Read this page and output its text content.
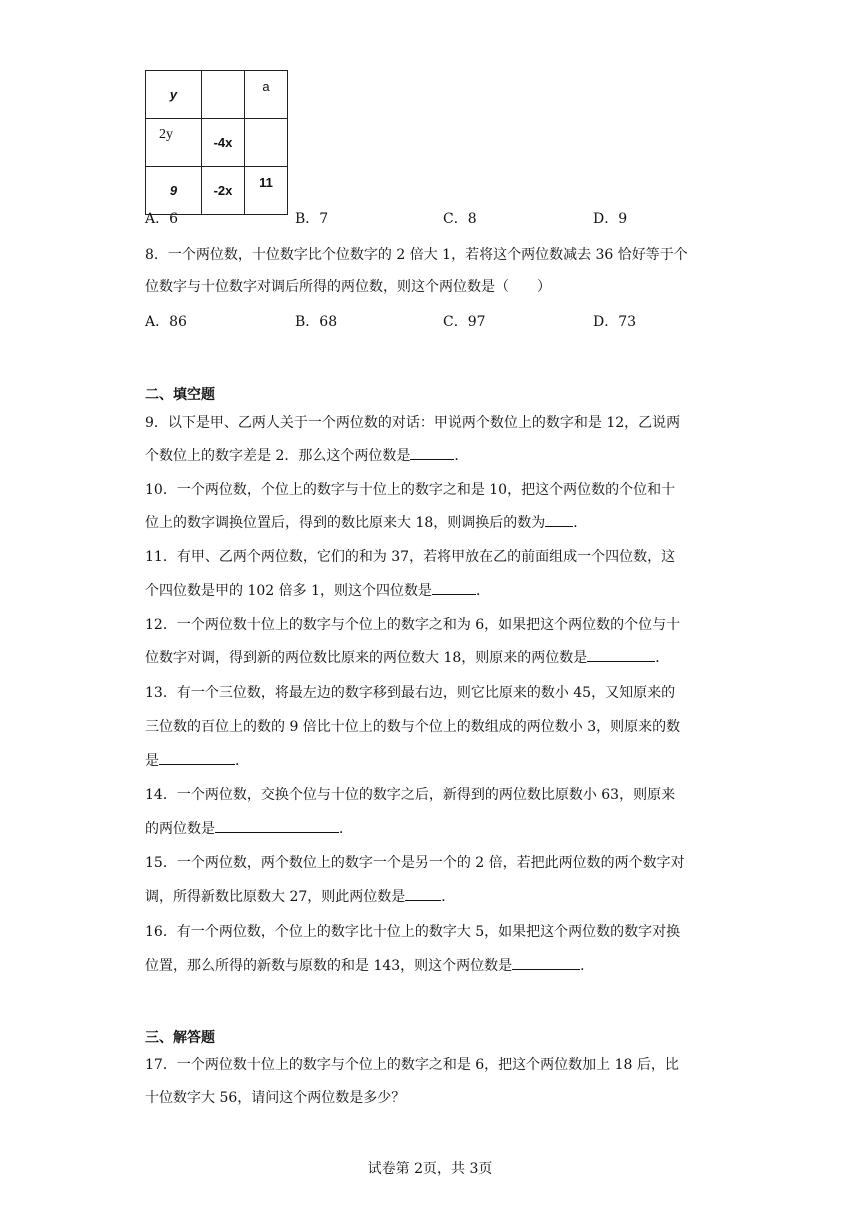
y		a
2y	-4x	
9	-2x	11
A．6	B．7	C．8	D．9
8．一个两位数，十位数字比个位数字的 2 倍大 1，若将这个两位数减去 36 恰好等于个
位数字与十位数字对调后所得的两位数，则这个两位数是（　　）
A．86	B．68	C．97	D．73
二、填空题
9．以下是甲、乙两人关于一个两位数的对话：甲说两个数位上的数字和是 12，乙说两
个数位上的数字差是 2．那么这个两位数是	．
10．一个两位数，个位上的数字与十位上的数字之和是 10，把这个两位数的个位和十
位上的数字调换位置后，得到的数比原来大 18，则调换后的数为 ．
11．有甲、乙两个两位数，它们的和为 37，若将甲放在乙的前面组成一个四位数，这
个四位数是甲的 102 倍多 1，则这个四位数是	．
12．一个两位数十位上的数字与个位上的数字之和为 6，如果把这个两位数的个位与十
位数字对调，得到新的两位数比原来的两位数大 18，则原来的两位数是	．
13．有一个三位数，将最左边的数字移到最右边，则它比原来的数小 45，又知原来的
三位数的百位上的数的 9 倍比十位上的数与个位上的数组成的两位数小 3，则原来的数
是	．
14．一个两位数，交换个位与十位的数字之后，新得到的两位数比原数小 63，则原来
的两位数是	．
15．一个两位数，两个数位上的数字一个是另一个的 2 倍，若把此两位数的两个数字对
调，所得新数比原数大 27，则此两位数是	．
16．有一个两位数，个位上的数字比十位上的数字大 5，如果把这个两位数的数字对换
位置，那么所得的新数与原数的和是 143，则这个两位数是	．
三、解答题
17．一个两位数十位上的数字与个位上的数字之和是 6，把这个两位数加上 18 后，比
十位数字大 56，请问这个两位数是多少？
试卷第 2页，共 3页
